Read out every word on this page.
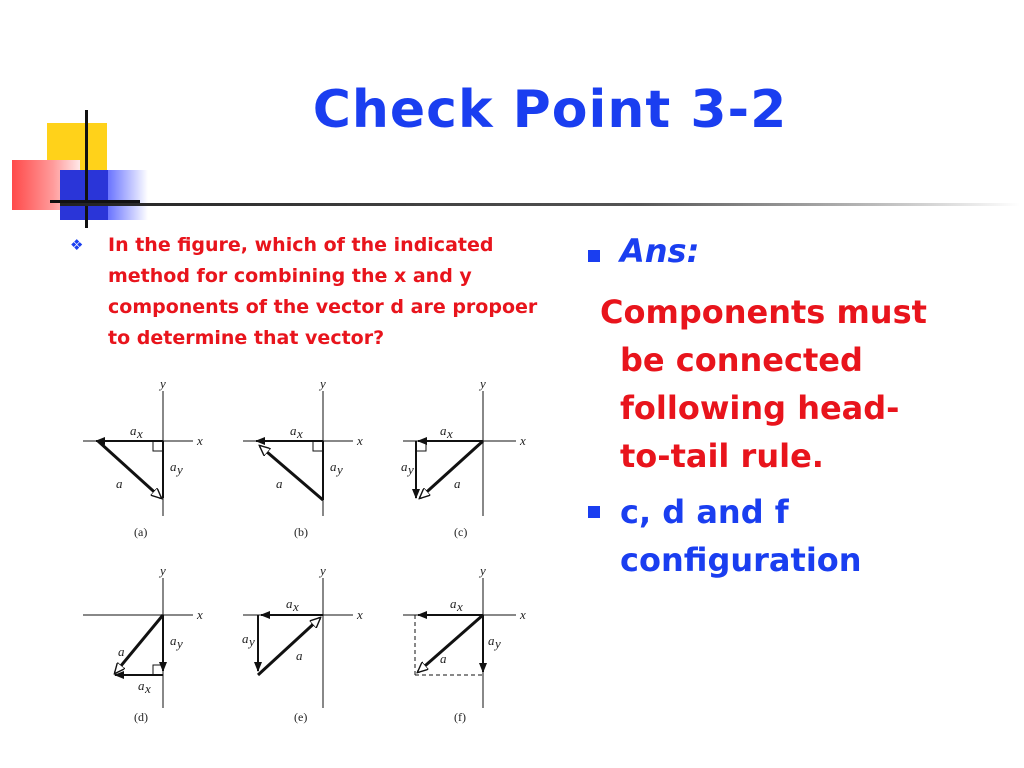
Check Point 3-2
❖ In the figure, which of the indicated method for combining the x and y components of the vector d are propoer to determine that vector?
y
x
a x
a y
a
(a)
y
x
a x
a y
a
(b)
y
x
a x
a y
a
(c)
y
x
a y
a x
a
(d)
y
x
a x
a y
a
(e)
y
x
a x
a y
a
(f)
Ans:
Components must
be connected
following head-
to-tail rule.
c, d and f configuration
